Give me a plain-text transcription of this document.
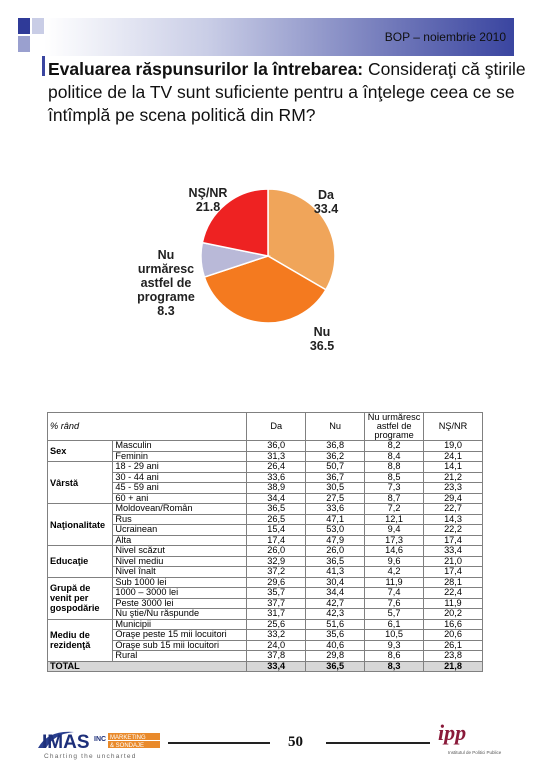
BOP – noiembrie 2010
Evaluarea răspunsurilor la întrebarea: Consideraţi că ştirile politice de la TV sunt suficiente pentru a înţelege ceea ce se întîmplă pe scena politică din RM?
NŞ/NR
21.8
Da
33.4
Nu
urmăresc
astfel de
programe
8.3
Nu
36.5
% rând		Da	Nu	Nu urmăresc astfel de programe	NŞ/NR
Sex	Masculin	36,0	36,8	8,2	19,0
	Feminin	31,3	36,2	8,4	24,1
Vârstă	18 - 29 ani	26,4	50,7	8,8	14,1
	30 - 44 ani	33,6	36,7	8,5	21,2
	45 - 59 ani	38,9	30,5	7,3	23,3
	60 + ani	34,4	27,5	8,7	29,4
Naţionalitate	Moldovean/Român	36,5	33,6	7,2	22,7
	Rus	26,5	47,1	12,1	14,3
	Ucrainean	15,4	53,0	9,4	22,2
	Alta	17,4	47,9	17,3	17,4
Educaţie	Nivel scăzut	26,0	26,0	14,6	33,4
	Nivel mediu	32,9	36,5	9,6	21,0
	Nivel înalt	37,2	41,3	4,2	17,4
Grupă de venit per gospodărie	Sub 1000 lei	29,6	30,4	11,9	28,1
	1000 – 3000 lei	35,7	34,4	7,4	22,4
	Peste 3000 lei	37,7	42,7	7,6	11,9
	Nu ştie/Nu răspunde	31,7	42,3	5,7	20,2
Mediu de rezidenţă	Municipii	25,6	51,6	6,1	16,6
	Oraşe peste 15 mii locuitori	33,2	35,6	10,5	20,6
	Oraşe sub 15 mii locuitori	24,0	40,6	9,3	26,1
	Rural	37,8	29,8	8,6	23,8
TOTAL		33,4	36,5	8,3	21,8
IMAS INC MARKETING
& SONDAJE
Charting the uncharted
50	ipp
Institutul de Politici Publice
